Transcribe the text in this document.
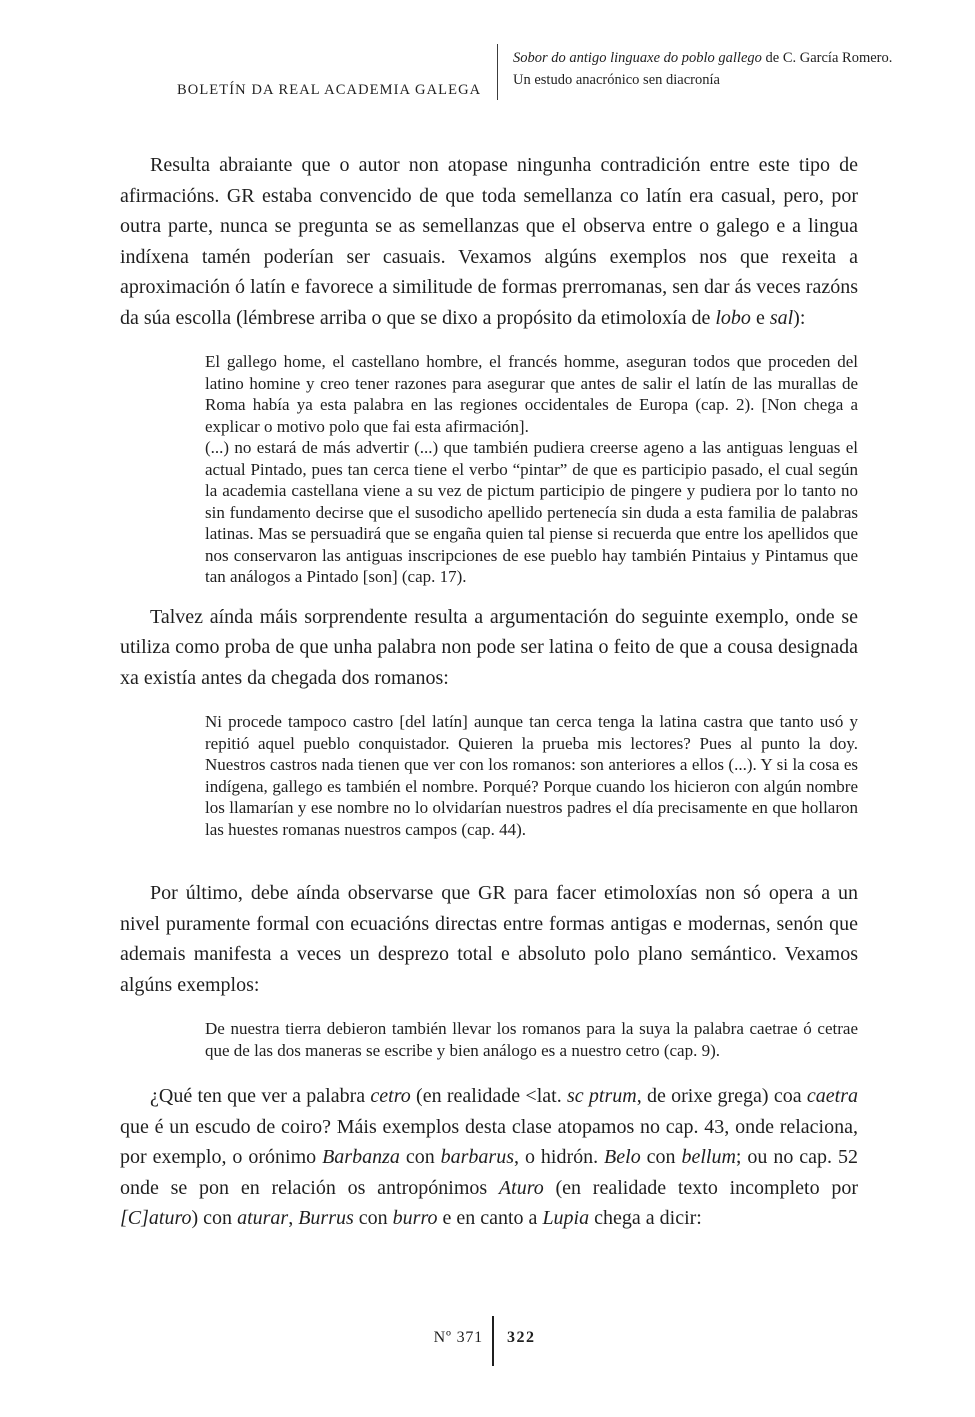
BOLETÍN DA REAL ACADEMIA GALEGA
Sobor do antigo linguaxe do poblo gallego de C. García Romero.
Un estudo anacrónico sen diacronía

Resulta abraiante que o autor non atopase ningunha contradición entre este tipo de afirmacións. GR estaba convencido de que toda semellanza co latín era casual, pero, por outra parte, nunca se pregunta se as semellanzas que el observa entre o galego e a lingua indíxena tamén poderían ser casuais. Vexamos algúns exemplos nos que rexeita a aproximación ó latín e favorece a similitude de formas prerromanas, sen dar ás veces razóns da súa escolla (lémbrese arriba o que se dixo a propósito da etimoloxía de lobo e sal):

El gallego home, el castellano hombre, el francés homme, aseguran todos que proceden del latino homine y creo tener razones para asegurar que antes de salir el latín de las murallas de Roma había ya esta palabra en las regiones occidentales de Europa (cap. 2). [Non chega a explicar o motivo polo que fai esta afirmación].

(...) no estará de más advertir (...) que también pudiera creerse ageno a las antiguas lenguas el actual Pintado, pues tan cerca tiene el verbo “pintar” de que es participio pasado, el cual según la academia castellana viene a su vez de pictum participio de pingere y pudiera por lo tanto no sin fundamento decirse que el susodicho apellido pertenecía sin duda a esta familia de palabras latinas. Mas se persuadirá que se engaña quien tal piense si recuerda que entre los apellidos que nos conservaron las antiguas inscripciones de ese pueblo hay también Pintaius y Pintamus que tan análogos a Pintado [son] (cap. 17).

Talvez aínda máis sorprendente resulta a argumentación do seguinte exemplo, onde se utiliza como proba de que unha palabra non pode ser latina o feito de que a cousa designada xa existía antes da chegada dos romanos:

Ni procede tampoco castro [del latín] aunque tan cerca tenga la latina castra que tanto usó y repitió aquel pueblo conquistador. Quieren la prueba mis lectores? Pues al punto la doy. Nuestros castros nada tienen que ver con los romanos: son anteriores a ellos (...). Y si la cosa es indígena, gallego es también el nombre. Porqué? Porque cuando los hicieron con algún nombre los llamarían y ese nombre no lo olvidarían nuestros padres el día precisamente en que hollaron las huestes romanas nuestros campos (cap. 44).

Por último, debe aínda observarse que GR para facer etimoloxías non só opera a un nivel puramente formal con ecuacións directas entre formas antigas e modernas, senón que ademais manifesta a veces un desprezo total e absoluto polo plano semántico. Vexamos algúns exemplos:

De nuestra tierra debieron también llevar los romanos para la suya la palabra caetrae ó cetrae que de las dos maneras se escribe y bien análogo es a nuestro cetro (cap. 9).

¿Qué ten que ver a palabra cetro (en realidade <lat. sc ptrum, de orixe grega) coa caetra que é un escudo de coiro? Máis exemplos desta clase atopamos no cap. 43, onde relaciona, por exemplo, o orónimo Barbanza con barbarus, o hidrón. Belo con bellum; ou no cap. 52 onde se pon en relación os antropónimos Aturo (en realidade texto incompleto por [C]aturo) con aturar, Burrus con burro e en canto a Lupia chega a dicir:

Nº 371 322
